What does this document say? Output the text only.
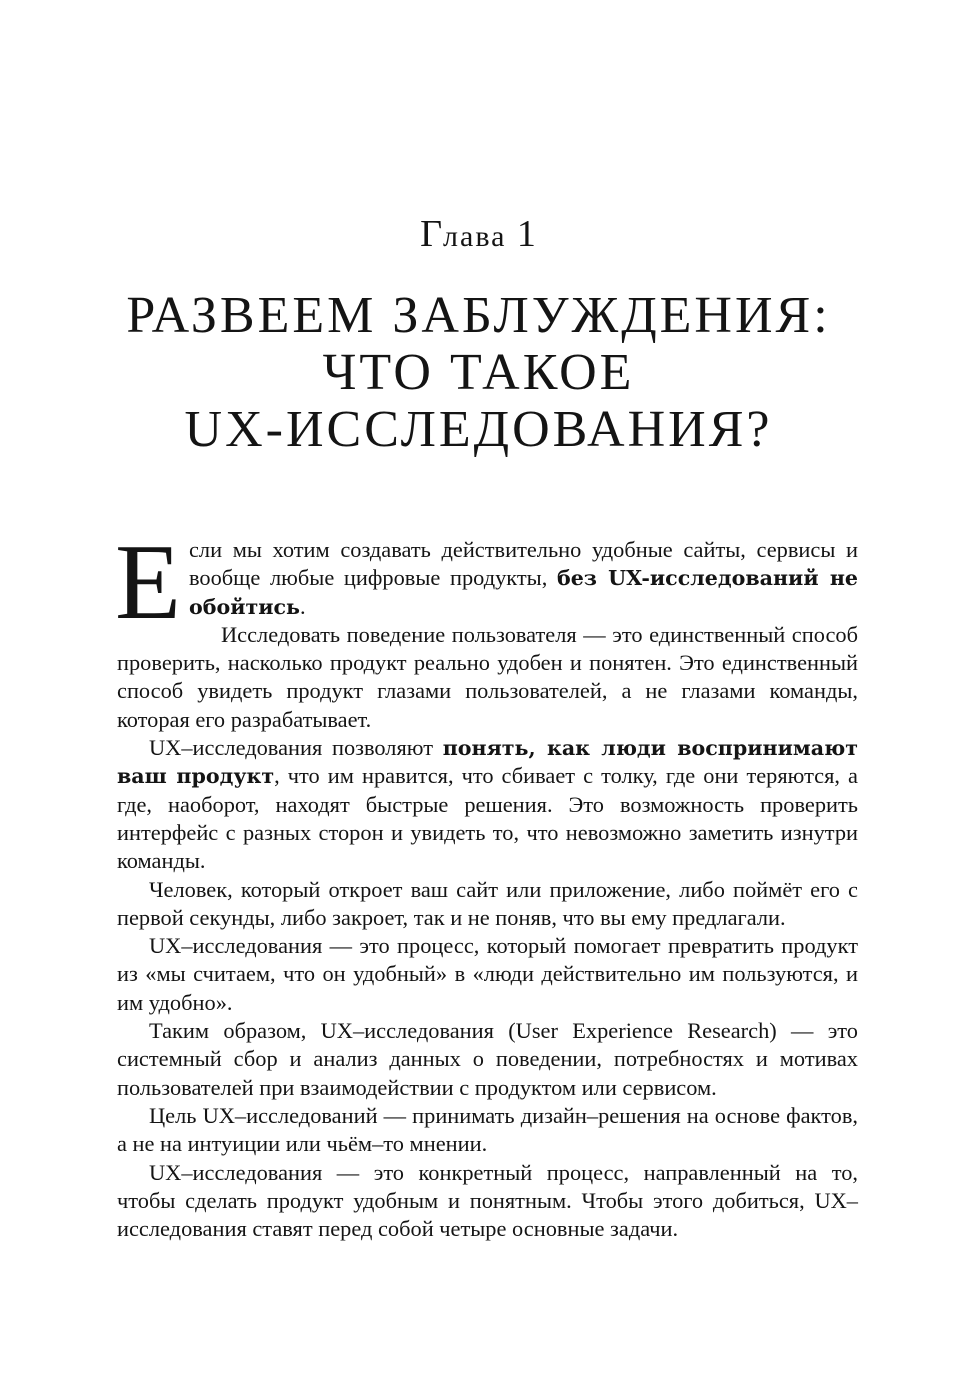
Глава 1
РАЗВЕЕМ ЗАБЛУЖДЕНИЯ:
ЧТО ТАКОЕ
UX-ИССЛЕДОВАНИЯ?

Если мы хотим создавать действительно удобные сайты, сервисы и вообще любые цифровые продукты, без UX-исследований не обойтись.

Исследовать поведение пользователя — это единственный способ проверить, насколько продукт реально удобен и понятен. Это единственный способ увидеть продукт глазами пользователей, а не глазами команды, которая его разрабатывает.

UX–исследования позволяют понять, как люди воспринимают ваш продукт, что им нравится, что сбивает с толку, где они теряются, а где, наоборот, находят быстрые решения. Это возможность проверить интерфейс с разных сторон и увидеть то, что невозможно заметить изнутри команды.

Человек, который откроет ваш сайт или приложение, либо поймёт его с первой секунды, либо закроет, так и не поняв, что вы ему предлагали.

UX–исследования — это процесс, который помогает превратить продукт из «мы считаем, что он удобный» в «люди действительно им пользуются, и им удобно».

Таким образом, UX–исследования (User Experience Research) — это системный сбор и анализ данных о поведении, потребностях и мотивах пользователей при взаимодействии с продуктом или сервисом.

Цель UX–исследований — принимать дизайн–решения на основе фактов, а не на интуиции или чьём–то мнении.

UX–исследования — это конкретный процесс, направленный на то, чтобы сделать продукт удобным и понятным. Чтобы этого добиться, UX–исследования ставят перед собой четыре основные задачи.
